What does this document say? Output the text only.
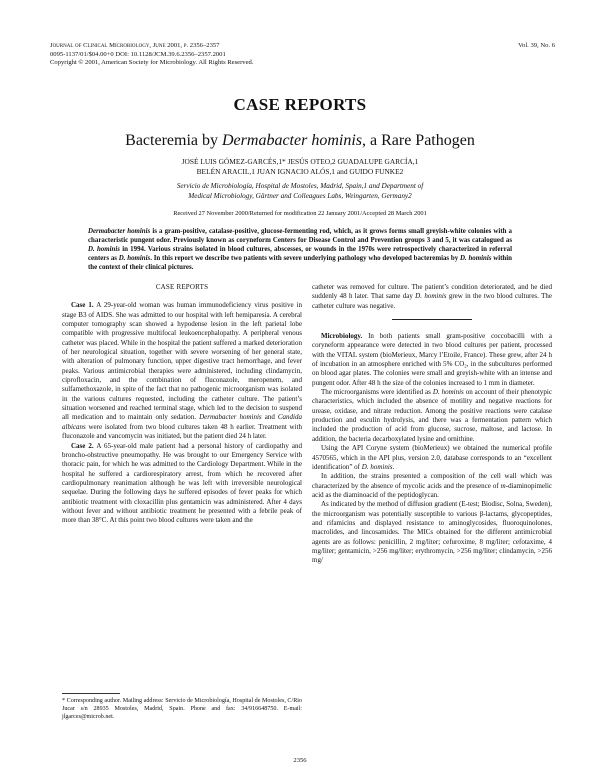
Journal of Clinical Microbiology, June 2001, p. 2356–2357
0095-1137/01/$04.00+0 DOI: 10.1128/JCM.39.6.2356–2357.2001
Copyright © 2001, American Society for Microbiology. All Rights Reserved.
Vol. 39, No. 6
CASE REPORTS
Bacteremia by Dermabacter hominis, a Rare Pathogen
JOSÉ LUIS GÓMEZ-GARCÉS,1* JESÚS OTEO,2 GUADALUPE GARCÍA,1
BELÉN ARACIL,1 JUAN IGNACIO ALÓS,1 and GUIDO FUNKE2
Servicio de Microbiología, Hospital de Mostoles, Madrid, Spain,1 and Department of
Medical Microbiology, Gärtner and Colleagues Labs, Weingarten, Germany2
Received 27 November 2000/Returned for modification 22 January 2001/Accepted 28 March 2001
Dermabacter hominis is a gram-positive, catalase-positive, glucose-fermenting rod, which, as it grows forms small greyish-white colonies with a characteristic pungent odor. Previously known as coryneform Centers for Disease Control and Prevention groups 3 and 5, it was catalogued as D. hominis in 1994. Various strains isolated in blood cultures, abscesses, or wounds in the 1970s were retrospectively characterized in referral centers as D. hominis. In this report we describe two patients with severe underlying pathology who developed bacteremias by D. hominis within the context of their clinical pictures.
CASE REPORTS

Case 1. A 29-year-old woman was human immunodeficiency virus positive in stage B3 of AIDS. She was admitted to our hospital with left hemiparesia. A cerebral computer tomography scan showed a hypodense lesion in the left parietal lobe compatible with progressive multifocal leukoencephalopathy. A peripheral venous catheter was placed. While in the hospital the patient suffered a marked deterioration of her neurological situation, together with severe worsening of her general state, with alteration of pulmonary function, upper digestive tract hemorrhage, and fever peaks. Various antimicrobial therapies were administered, including clindamycin, ciprofloxacin, and the combination of fluconazole, meropenem, and sulfamethoxazole, in spite of the fact that no pathogenic microorganism was isolated in the various cultures requested, including the catheter culture. The patient’s situation worsened and reached terminal stage, which led to the decision to suspend all medication and to maintain only sedation. Dermabacter hominis and Candida albicans were isolated from two blood cultures taken 48 h earlier. Treatment with fluconazole and vancomycin was initiated, but the patient died 24 h later.

Case 2. A 65-year-old male patient had a personal history of cardiopathy and broncho-obstructive pneumopathy. He was brought to our Emergency Service with thoracic pain, for which he was admitted to the Cardiology Department. While in the hospital he suffered a cardiorespiratory arrest, from which he recovered after cardiopulmonary reanimation although he was left with irreversible neurological sequelae. During the following days he suffered episodes of fever peaks for which antibiotic treatment with cloxacillin plus gentamicin was administered. After 4 days without fever and without antibiotic treatment he presented with a febrile peak of more than 38°C. At this point two blood cultures were taken and the

catheter was removed for culture. The patient’s condition deteriorated, and he died suddenly 48 h later. That same day D. hominis grew in the two blood cultures. The catheter culture was negative.

Microbiology. In both patients small gram-positive coccobacilli with a coryneform appearance were detected in two blood cultures per patient, processed with the VITAL system (bioMerieux, Marcy l’Etoile, France). These grew, after 24 h of incubation in an atmosphere enriched with 5% CO₂, in the subcultures performed on blood agar plates. The colonies were small and greyish-white with an intense and pungent odor. After 48 h the size of the colonies increased to 1 mm in diameter.

The microorganisms were identified as D. hominis on account of their phenotypic characteristics, which included the absence of motility and negative reactions for urease, oxidase, and nitrate reduction. Among the positive reactions were catalase production and esculin hydrolysis, and there was a fermentation pattern which included the production of acid from glucose, sucrose, maltose, and lactose. In addition, the bacteria decarboxylated lysine and ornithine.

Using the API Coryne system (bioMerieux) we obtained the numerical profile 4570565, which in the API plus, version 2.0, database corresponds to an “excellent identification” of D. hominis.

In addition, the strains presented a composition of the cell wall which was characterized by the absence of mycolic acids and the presence of m-diaminopimelic acid as the diaminoacid of the peptidoglycan.

As indicated by the method of diffusion gradient (E-test; Biodisc, Solna, Sweden), the microorganism was potentially susceptible to various β-lactams, glycopeptides, and rifamicins and displayed resistance to aminoglycosides, fluoroquinolones, macrolides, and lincosamides. The MICs obtained for the different antimicrobial agents are as follows: penicillin, 2 mg/liter; cefuroxime, 8 mg/liter; cefotaxime, 4 mg/liter; gentamicin, >256 mg/liter; erythromycin, >256 mg/liter; clindamycin, >256 mg/

* Corresponding author. Mailing address: Servicio de Microbiología, Hospital de Mostoles, C/Rio Jucar s/n 28935 Mostoles, Madrid, Spain. Phone and fax: 34/916648750. E-mail: jlgarces@microb.net.
2356
